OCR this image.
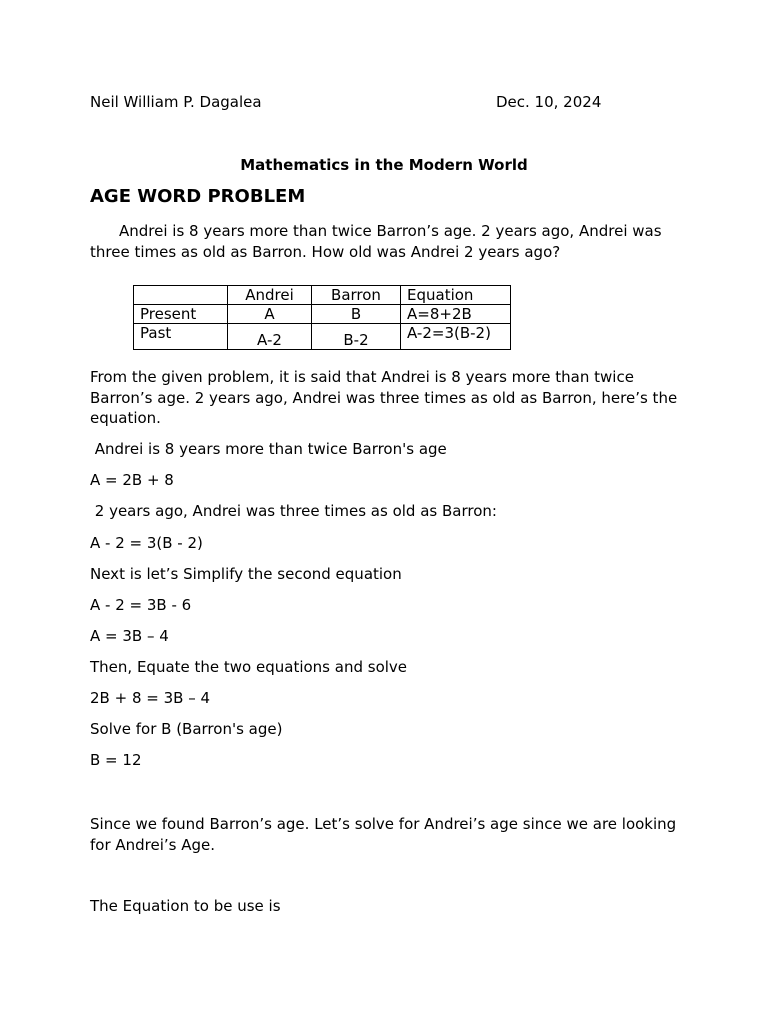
Neil William P. Dagalea	Dec. 10, 2024

Mathematics in the Modern World

AGE WORD PROBLEM

Andrei is 8 years more than twice Barron’s age. 2 years ago, Andrei was three times as old as Barron. How old was Andrei 2 years ago?

	Andrei	Barron	Equation
Present	A	B	A=8+2B
Past	A-2	B-2	A-2=3(B-2)

From the given problem, it is said that Andrei is 8 years more than twice Barron’s age. 2 years ago, Andrei was three times as old as Barron, here’s the equation.

Andrei is 8 years more than twice Barron's age

A = 2B + 8

2 years ago, Andrei was three times as old as Barron:

A - 2 = 3(B - 2)

Next is let’s Simplify the second equation

A - 2 = 3B - 6

A = 3B – 4

Then, Equate the two equations and solve

2B + 8 = 3B – 4

Solve for B (Barron's age)

B = 12

Since we found Barron’s age. Let’s solve for Andrei’s age since we are looking for Andrei’s Age.

The Equation to be use is
